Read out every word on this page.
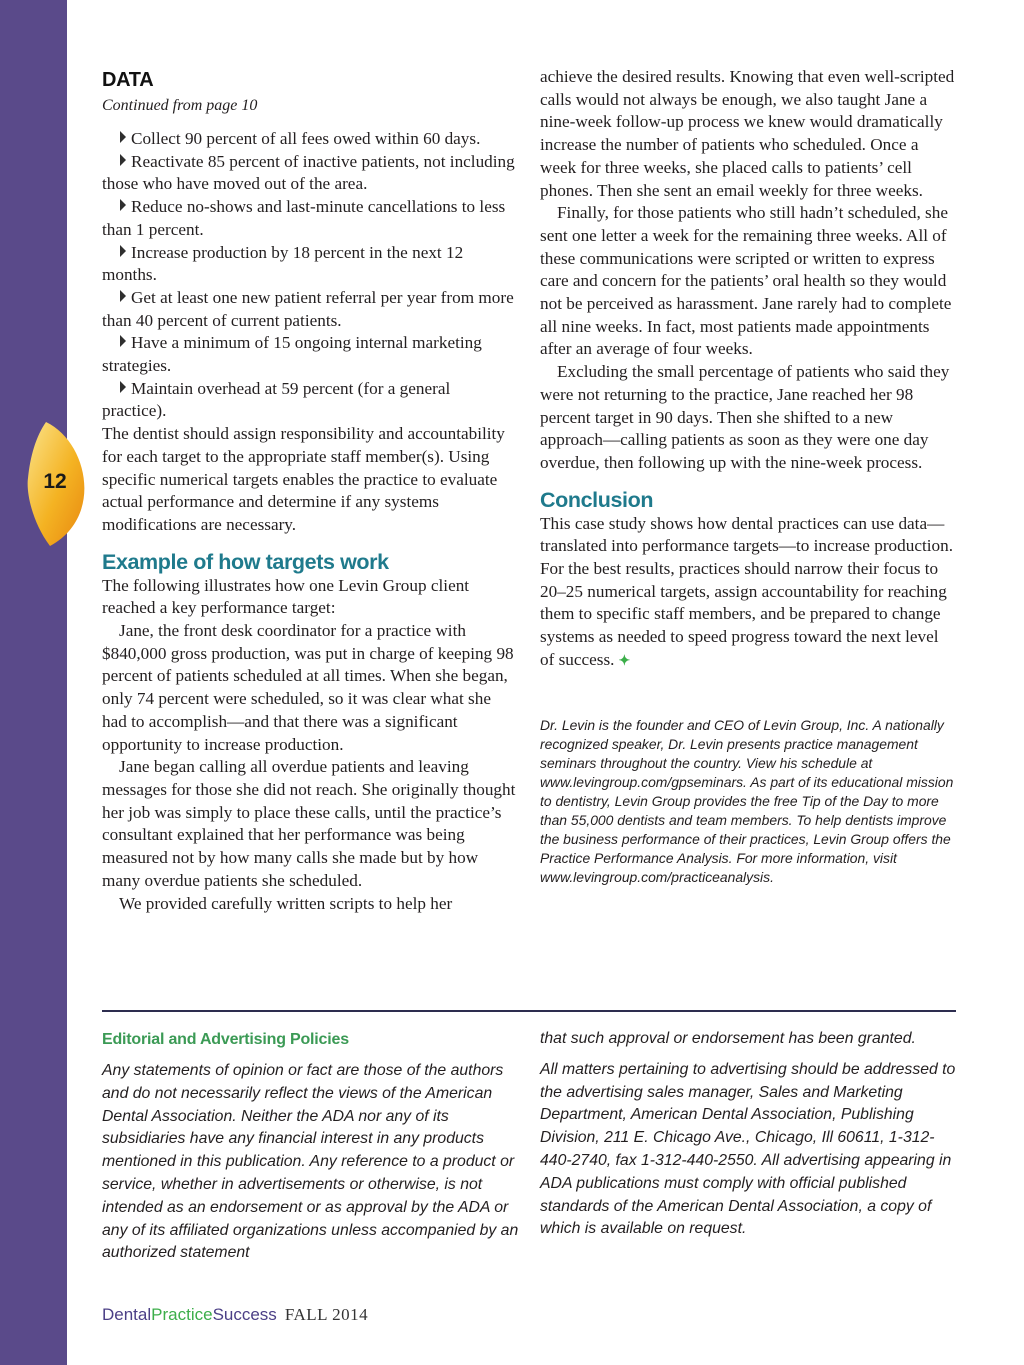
12
DATA
Continued from page 10

Collect 90 percent of all fees owed within 60 days.

Reactivate 85 percent of inactive patients, not including those who have moved out of the area.

Reduce no-shows and last-minute cancellations to less than 1 percent.

Increase production by 18 percent in the next 12 months.

Get at least one new patient referral per year from more than 40 percent of current patients.

Have a minimum of 15 ongoing internal marketing strategies.

Maintain overhead at 59 percent (for a general practice).

The dentist should assign responsibility and accountability for each target to the appropriate staff member(s). Using specific numerical targets enables the practice to evaluate actual performance and determine if any systems modifications are necessary.

Example of how targets work

The following illustrates how one Levin Group client reached a key performance target:

Jane, the front desk coordinator for a practice with $840,000 gross production, was put in charge of keeping 98 percent of patients scheduled at all times. When she began, only 74 percent were scheduled, so it was clear what she had to accomplish—and that there was a significant opportunity to increase production.

Jane began calling all overdue patients and leaving messages for those she did not reach. She originally thought her job was simply to place these calls, until the practice’s consultant explained that her performance was being measured not by how many calls she made but by how many overdue patients she scheduled.

We provided carefully written scripts to help her

achieve the desired results. Knowing that even well-scripted calls would not always be enough, we also taught Jane a nine-week follow-up process we knew would dramatically increase the number of patients who scheduled. Once a week for three weeks, she placed calls to patients’ cell phones. Then she sent an email weekly for three weeks.

Finally, for those patients who still hadn’t scheduled, she sent one letter a week for the remaining three weeks. All of these communications were scripted or written to express care and concern for the patients’ oral health so they would not be perceived as harassment. Jane rarely had to complete all nine weeks. In fact, most patients made appointments after an average of four weeks.

Excluding the small percentage of patients who said they were not returning to the practice, Jane reached her 98 percent target in 90 days. Then she shifted to a new approach—calling patients as soon as they were one day overdue, then following up with the nine-week process.

Conclusion

This case study shows how dental practices can use data—translated into performance targets—to increase production. For the best results, practices should narrow their focus to 20–25 numerical targets, assign accountability for reaching them to specific staff members, and be prepared to change systems as needed to speed progress toward the next level of success. ✦

Dr. Levin is the founder and CEO of Levin Group, Inc. A nationally recognized speaker, Dr. Levin presents practice management seminars throughout the country. View his schedule at www.levingroup.com/gpseminars. As part of its educational mission to dentistry, Levin Group provides the free Tip of the Day to more than 55,000 dentists and team members. To help dentists improve the business performance of their practices, Levin Group offers the Practice Performance Analysis. For more information, visit www.levingroup.com/practiceanalysis.
Editorial and Advertising Policies

Any statements of opinion or fact are those of the authors and do not necessarily reflect the views of the American Dental Association. Neither the ADA nor any of its subsidiaries have any financial interest in any products mentioned in this publication. Any reference to a product or service, whether in advertisements or otherwise, is not intended as an endorsement or as approval by the ADA or any of its affiliated organizations unless accompanied by an authorized statement

that such approval or endorsement has been granted.

All matters pertaining to advertising should be addressed to the advertising sales manager, Sales and Marketing Department, American Dental Association, Publishing Division, 211 E. Chicago Ave., Chicago, Ill 60611, 1-312-440-2740, fax 1-312-440-2550. All advertising appearing in ADA publications must comply with official published standards of the American Dental Association, a copy of which is available on request.

DentalPracticeSuccess FALL 2014
